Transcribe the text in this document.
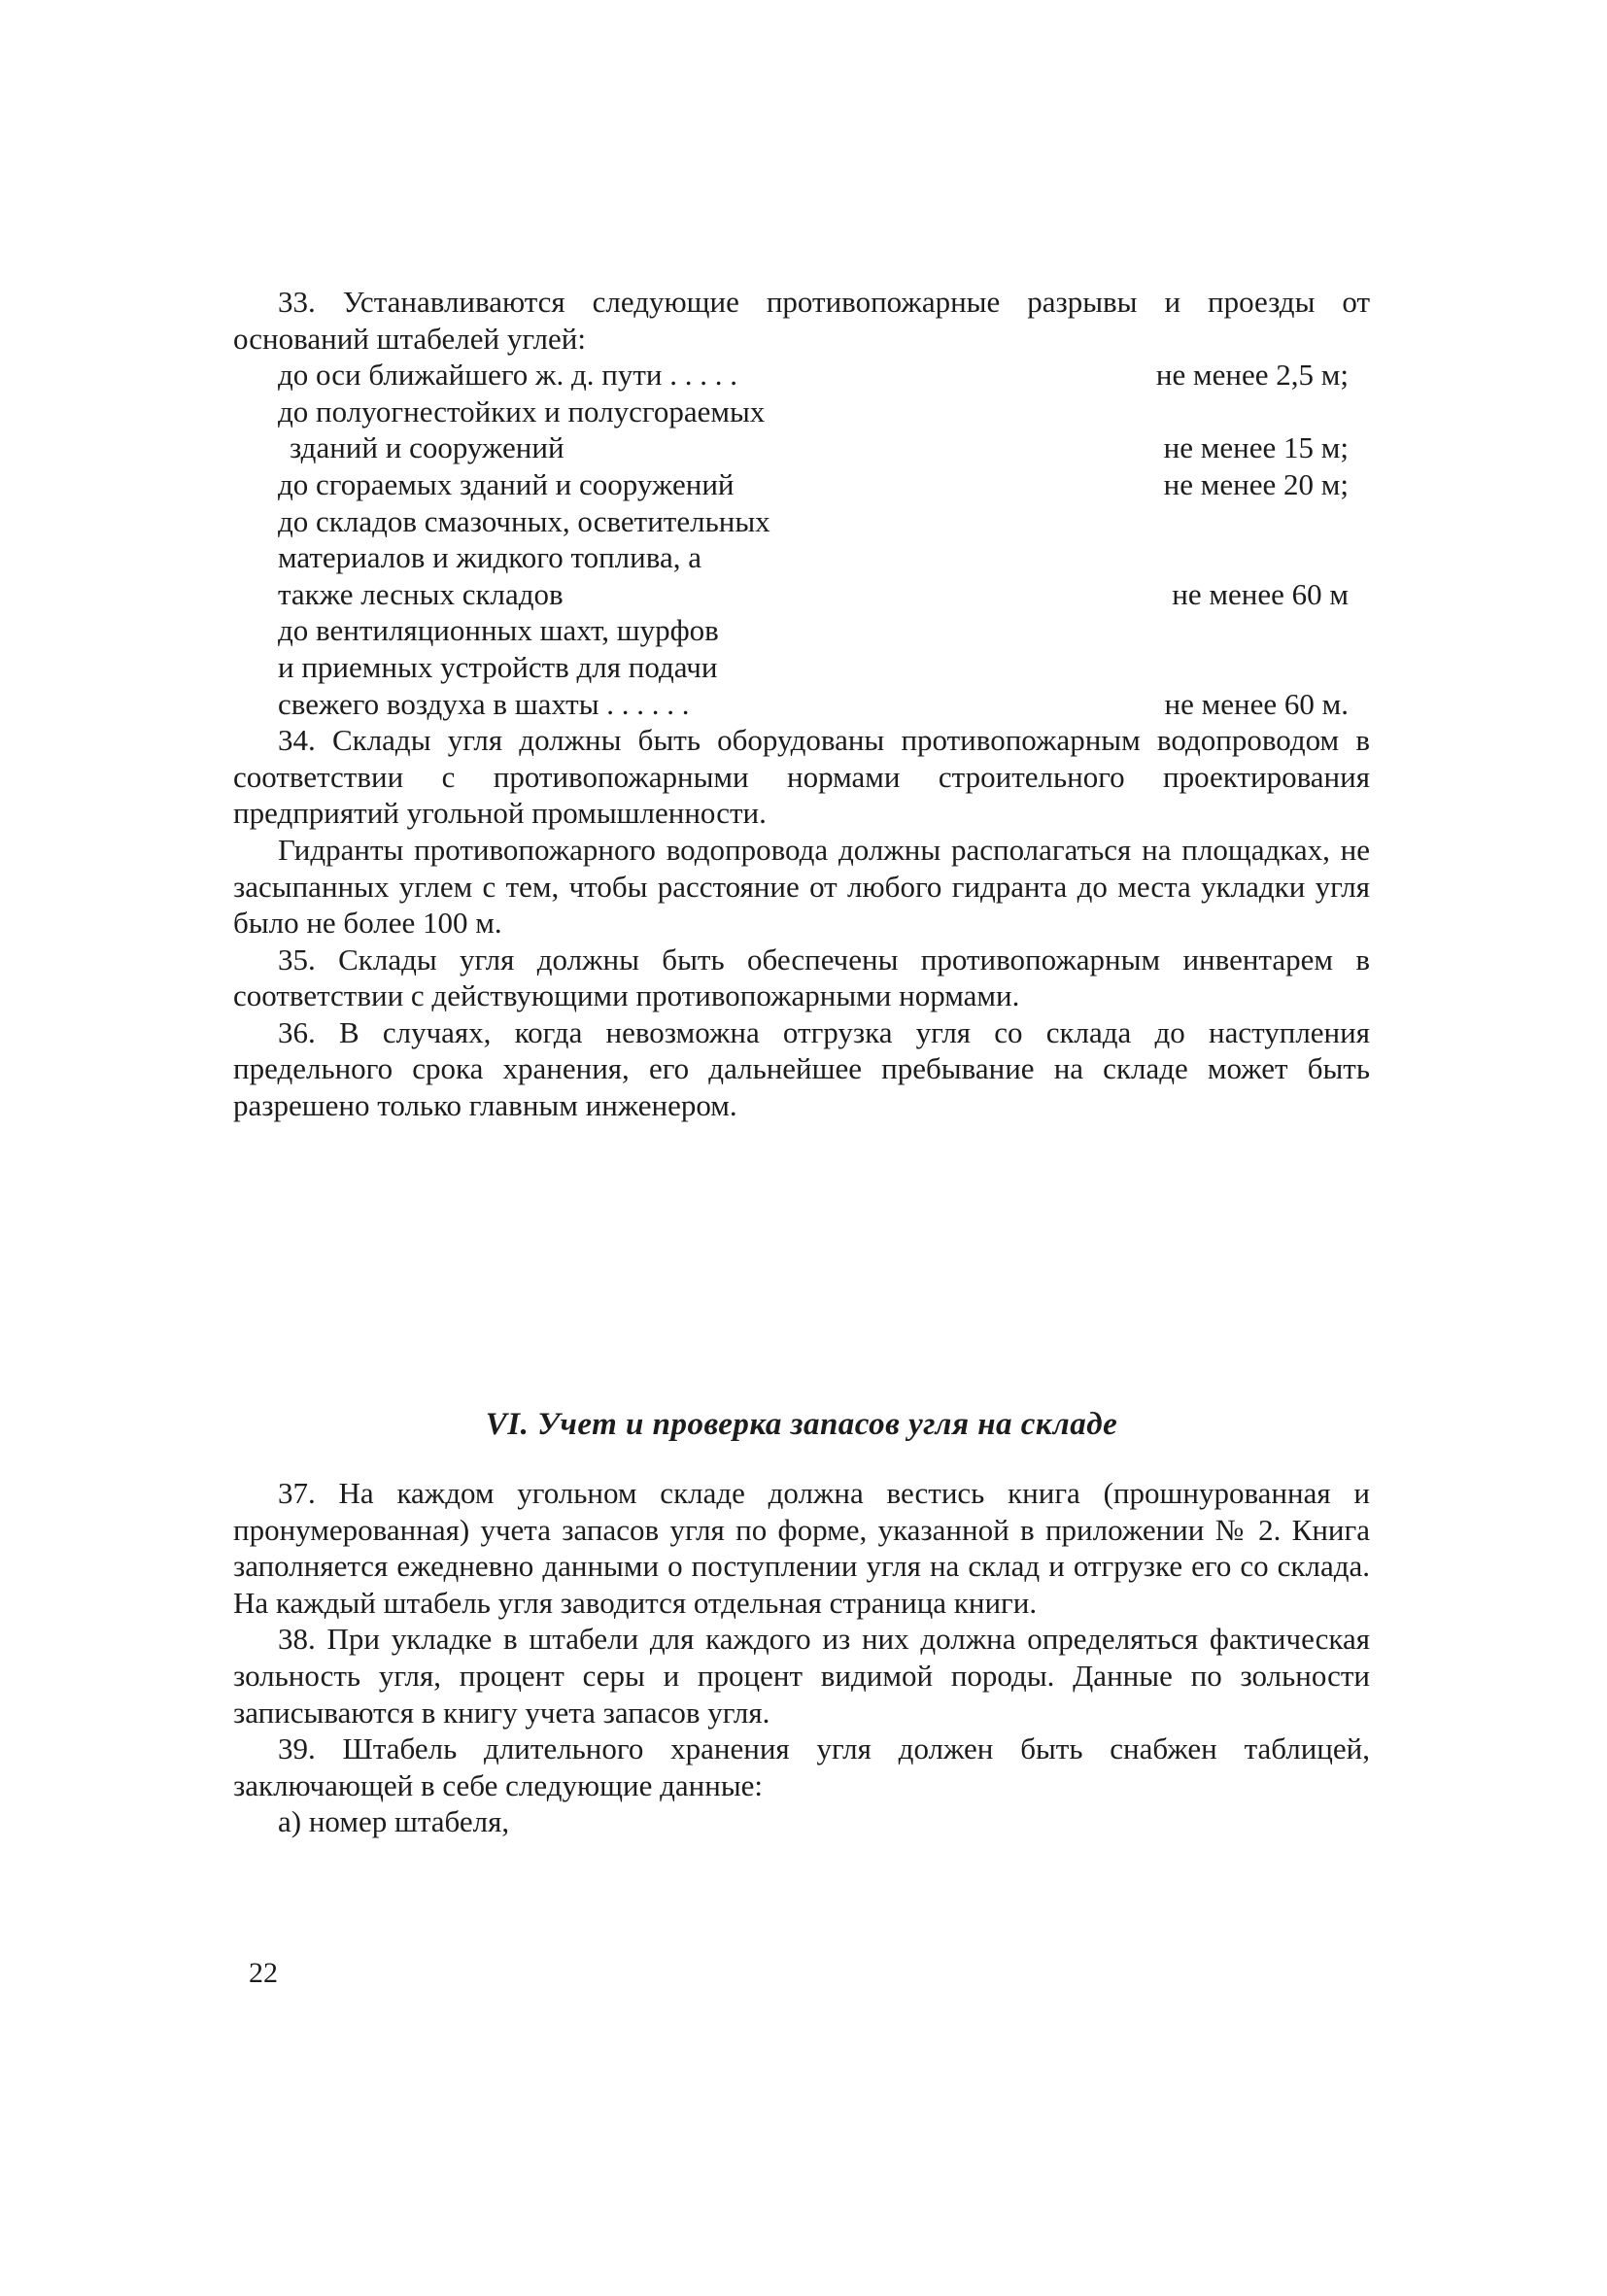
33. Устанавливаются следующие противопожарные разрывы и проезды от оснований штабелей углей:

до оси ближайшего ж. д. пути . . . . .	не менее 2,5 м;
до полуогнестойких и полусгораемых
зданий и сооружений	не менее 15 м;
до сгораемых зданий и сооружений	не менее 20 м;
до складов смазочных, осветительных
материалов и жидкого топлива, а
также лесных складов	не менее 60 м
до вентиляционных шахт, шурфов
и приемных устройств для подачи
свежего воздуха в шахты . . . . . .	не менее 60 м.

34. Склады угля должны быть оборудованы противопожарным водопроводом в соответствии с противопожарными нормами строительного проектирования предприятий угольной промышленности.

Гидранты противопожарного водопровода должны располагаться на площадках, не засыпанных углем с тем, чтобы расстояние от любого гидранта до места укладки угля было не более 100 м.

35. Склады угля должны быть обеспечены противопожарным инвентарем в соответствии с действующими противопожарными нормами.

36. В случаях, когда невозможна отгрузка угля со склада до наступления предельного срока хранения, его дальнейшее пребывание на складе может быть разрешено только главным инженером.

VI. Учет и проверка запасов угля на складе

37. На каждом угольном складе должна вестись книга (прошнурованная и пронумерованная) учета запасов угля по форме, указанной в приложении № 2. Книга заполняется ежедневно данными о поступлении угля на склад и отгрузке его со склада. На каждый штабель угля заводится отдельная страница книги.

38. При укладке в штабели для каждого из них должна определяться фактическая зольность угля, процент серы и процент видимой породы. Данные по зольности записываются в книгу учета запасов угля.

39. Штабель длительного хранения угля должен быть снабжен таблицей, заключающей в себе следующие данные:

а) номер штабеля,

22
